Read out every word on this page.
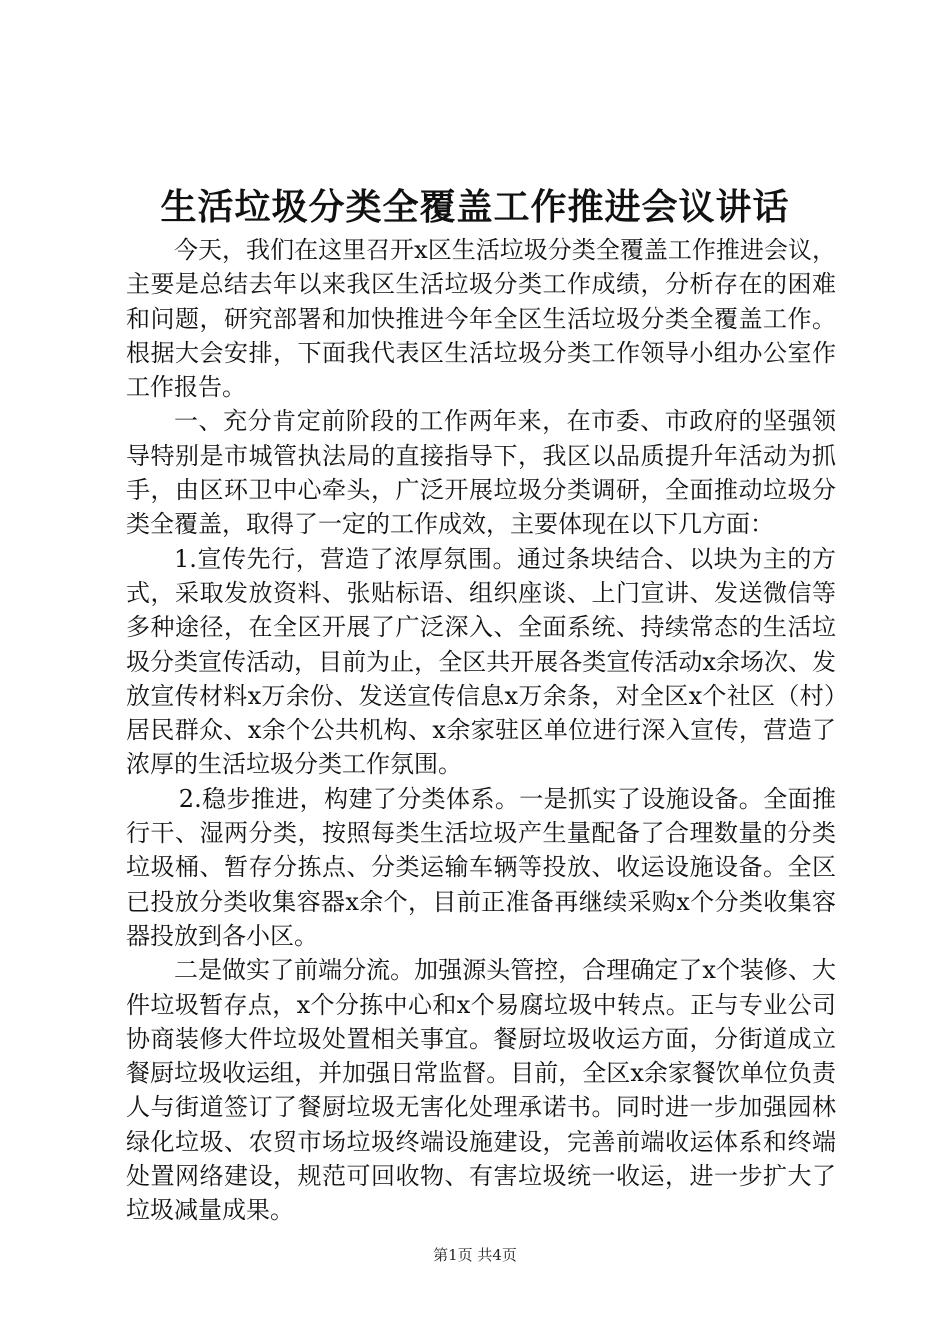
生活垃圾分类全覆盖工作推进会议讲话

今天，我们在这里召开x区生活垃圾分类全覆盖工作推进会议，主要是总结去年以来我区生活垃圾分类工作成绩，分析存在的困难和问题，研究部署和加快推进今年全区生活垃圾分类全覆盖工作。根据大会安排，下面我代表区生活垃圾分类工作领导小组办公室作工作报告。

一、充分肯定前阶段的工作两年来，在市委、市政府的坚强领导特别是市城管执法局的直接指导下，我区以品质提升年活动为抓手，由区环卫中心牵头，广泛开展垃圾分类调研，全面推动垃圾分类全覆盖，取得了一定的工作成效，主要体现在以下几方面：

1.宣传先行，营造了浓厚氛围。通过条块结合、以块为主的方式，采取发放资料、张贴标语、组织座谈、上门宣讲、发送微信等多种途径，在全区开展了广泛深入、全面系统、持续常态的生活垃圾分类宣传活动，目前为止，全区共开展各类宣传活动x余场次、发放宣传材料x万余份、发送宣传信息x万余条，对全区x个社区（村）居民群众、x余个公共机构、x余家驻区单位进行深入宣传，营造了浓厚的生活垃圾分类工作氛围。

2.稳步推进，构建了分类体系。一是抓实了设施设备。全面推行干、湿两分类，按照每类生活垃圾产生量配备了合理数量的分类垃圾桶、暂存分拣点、分类运输车辆等投放、收运设施设备。全区已投放分类收集容器x余个，目前正准备再继续采购x个分类收集容器投放到各小区。

二是做实了前端分流。加强源头管控，合理确定了x个装修、大件垃圾暂存点，x个分拣中心和x个易腐垃圾中转点。正与专业公司协商装修大件垃圾处置相关事宜。餐厨垃圾收运方面，分街道成立餐厨垃圾收运组，并加强日常监督。目前，全区x余家餐饮单位负责人与街道签订了餐厨垃圾无害化处理承诺书。同时进一步加强园林绿化垃圾、农贸市场垃圾终端设施建设，完善前端收运体系和终端处置网络建设，规范可回收物、有害垃圾统一收运，进一步扩大了垃圾减量成果。

第1页 共4页
